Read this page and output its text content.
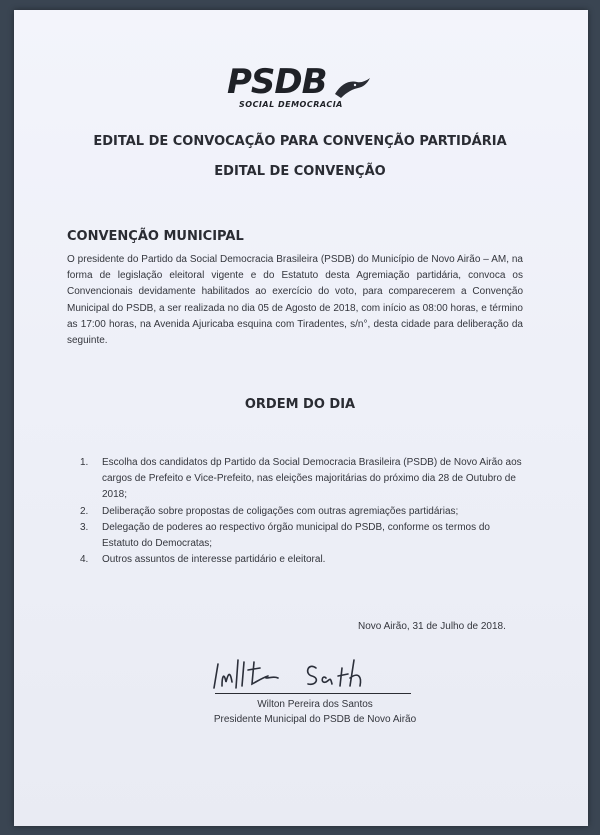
PSDB
SOCIAL DEMOCRACIA
EDITAL DE CONVOCAÇÃO PARA CONVENÇÃO PARTIDÁRIA
EDITAL DE CONVENÇÃO
CONVENÇÃO MUNICIPAL
O presidente do Partido da Social Democracia Brasileira (PSDB) do Município de Novo Airão – AM, na forma de legislação eleitoral vigente e do Estatuto desta Agremiação partidária, convoca os Convencionais devidamente habilitados ao exercício do voto, para comparecerem a Convenção Municipal do PSDB, a ser realizada no dia 05 de Agosto de 2018, com início as 08:00 horas, e término as 17:00 horas, na Avenida Ajuricaba esquina com Tiradentes, s/n°, desta cidade para deliberação da seguinte.
ORDEM DO DIA
1. Escolha dos candidatos dp Partido da Social Democracia Brasileira (PSDB) de Novo Airão aos cargos de Prefeito e Vice-Prefeito, nas eleições majoritárias do próximo dia 28 de Outubro de 2018;
2. Deliberação sobre propostas de coligações com outras agremiações partidárias;
3. Delegação de poderes ao respectivo órgão municipal do PSDB, conforme os termos do Estatuto do Democratas;
4. Outros assuntos de interesse partidário e eleitoral.
Novo Airão, 31 de Julho de 2018.
Wilton Pereira dos Santos
Presidente Municipal do PSDB de Novo Airão
